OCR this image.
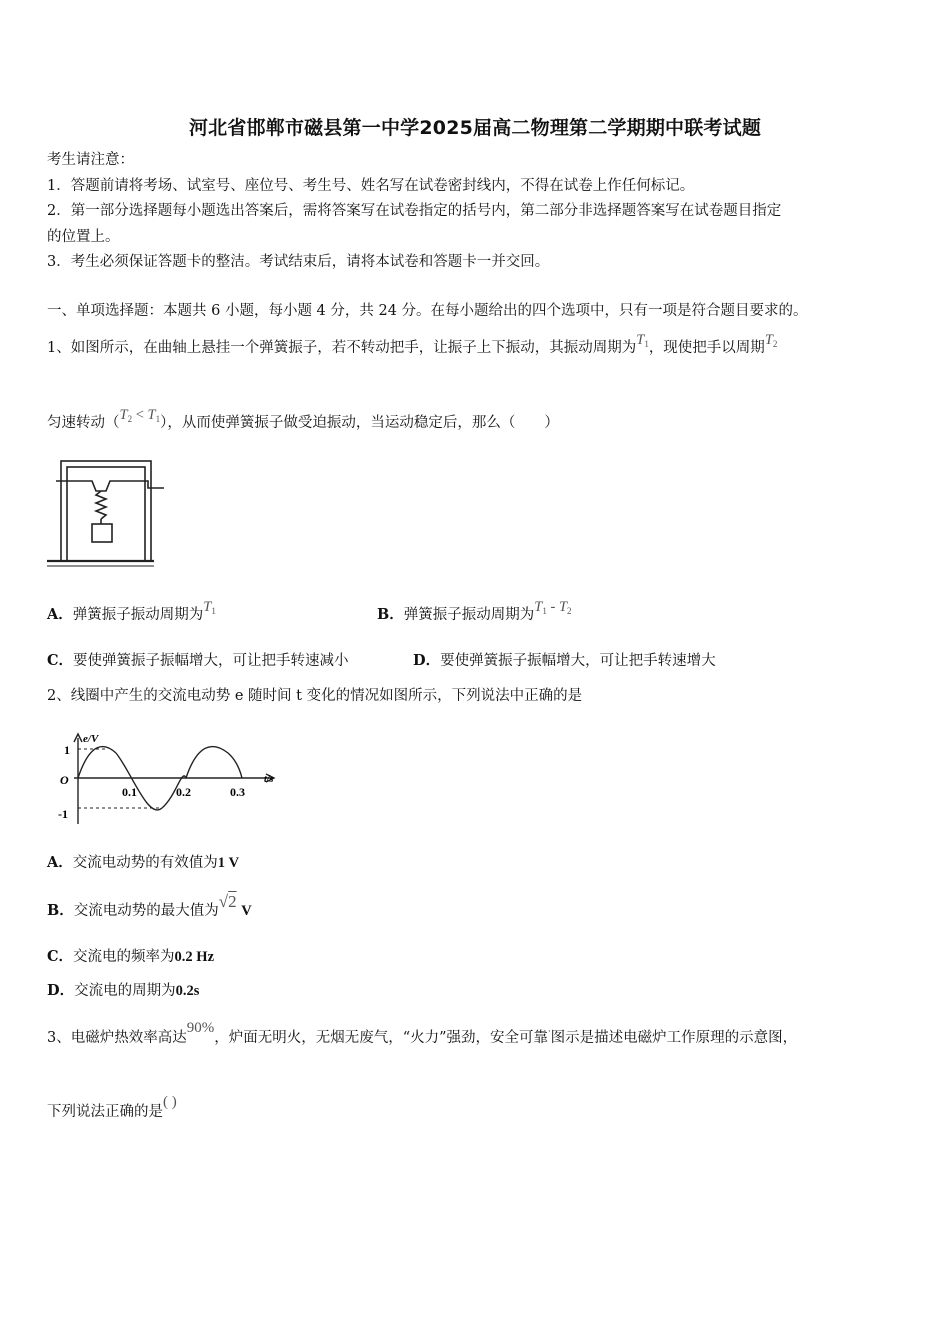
河北省邯郸市磁县第一中学2025届高二物理第二学期期中联考试题
考生请注意：
1．答题前请将考场、试室号、座位号、考生号、姓名写在试卷密封线内，不得在试卷上作任何标记。
2．第一部分选择题每小题选出答案后，需将答案写在试卷指定的括号内，第二部分非选择题答案写在试卷题目指定
的位置上。
3．考生必须保证答题卡的整洁。考试结束后，请将本试卷和答题卡一并交回。
一、单项选择题：本题共 6 小题，每小题 4 分，共 24 分。在每小题给出的四个选项中，只有一项是符合题目要求的。
1、如图所示，在曲轴上悬挂一个弹簧振子，若不转动把手，让振子上下振动，其振动周期为$T_1$，现使把手以周期$T_2$
匀速转动$(T_2 < T_1)$，从而使弹簧振子做受迫振动，当运动稳定后，那么（　　）
A．弹簧振子振动周期为$T_1$	B．弹簧振子振动周期为$T_1 - T_2$
C．要使弹簧振子振幅增大，可让把手转速减小	D．要使弹簧振子振幅增大，可让把手转速增大
2、线圈中产生的交流电动势 e 随时间 t 变化的情况如图所示，下列说法中正确的是
e/V
t/s
O
1
-1
0.1	0.2	0.3
A．交流电动势的有效值为1 V
B．交流电动势的最大值为√2 V
C．交流电的频率为0.2 Hz
D．交流电的周期为0.2s
3、电磁炉热效率高达90%，炉面无明火，无烟无废气，“火力”强劲，安全可靠·图示是描述电磁炉工作原理的示意图，
下列说法正确的是( )
